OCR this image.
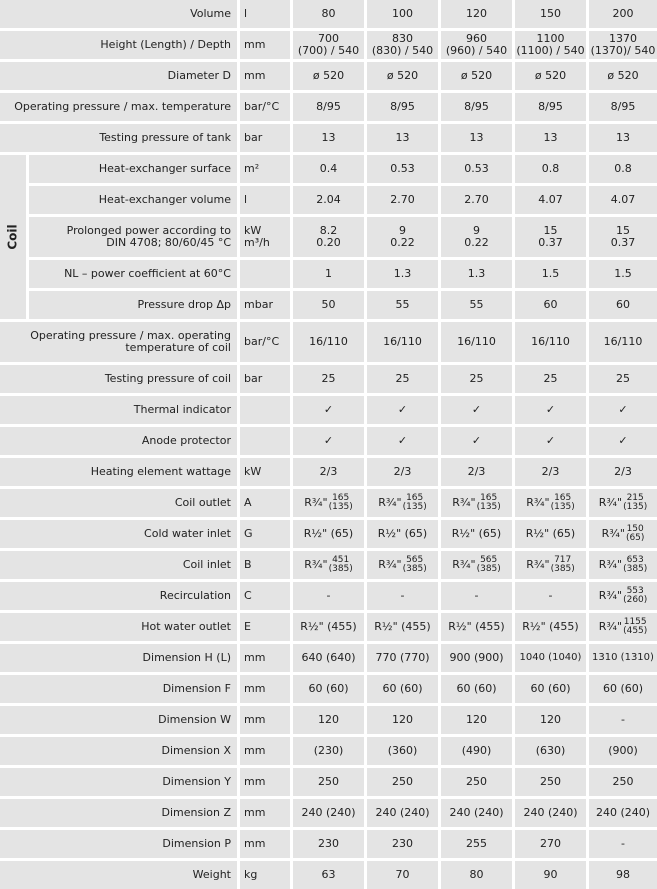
Coil
Volume	l	80	100	120	150	200
Height (Length) / Depth	mm	700
(700) / 540
830
(830) / 540
960
(960) / 540
1100
(1100) / 540
1370
(1370)/ 540
Diameter D	mm	ø 520	ø 520	ø 520	ø 520	ø 520
Operating pressure / max. temperature	bar/°C	8/95	8/95	8/95	8/95	8/95
Testing pressure of tank	bar	13	13	13	13	13
Heat-exchanger surface	m²	0.4	0.53	0.53	0.8	0.8
Heat-exchanger volume	l	2.04	2.70	2.70	4.07	4.07
Prolonged power according to
DIN 4708; 80/60/45 °C
kW
m³/h
8.2
0.20
9
0.22
9
0.22
15
0.37
15
0.37
NL – power coefficient at 60°C	1	1.3	1.3	1.5	1.5
Pressure drop Δp	mbar	50	55	55	60	60
Operating pressure / max. operating
temperature of coil	bar/°C	16/110	16/110	16/110	16/110	16/110
Testing pressure of coil	bar	25	25	25	25	25
Thermal indicator	✓	✓	✓	✓	✓
Anode protector	✓	✓	✓	✓	✓
Heating element wattage	kW	2/3	2/3	2/3	2/3	2/3
Coil outlet	A	R¾" 165
(135) R¾" 165
(135) R¾" 165
(135) R¾" 165
(135) R¾" 215
(135)
Cold water inlet	G	R½" (65)	R½" (65)	R½" (65)	R½" (65)	R¾" 150
(65)
Coil inlet	B	R¾" 451
(385) R¾" 565
(385) R¾" 565
(385) R¾" 717
(385) R¾" 653
(385)
Recirculation	C	-	-	-	-	R¾" 553
(260)
Hot water outlet	E	R½" (455)	R½" (455)	R½" (455)	R½" (455)	R¾" 1155
(455)
Dimension H (L)	mm	640 (640)	770 (770)	900 (900)	1040 (1040)	1310 (1310)
Dimension F	mm	60 (60)	60 (60)	60 (60)	60 (60)	60 (60)
Dimension W	mm	120	120	120	120	-
Dimension X	mm	(230)	(360)	(490)	(630)	(900)
Dimension Y	mm	250	250	250	250	250
Dimension Z	mm	240 (240)	240 (240)	240 (240)	240 (240)	240 (240)
Dimension P	mm	230	230	255	270	-
Weight	kg	63	70	80	90	98
